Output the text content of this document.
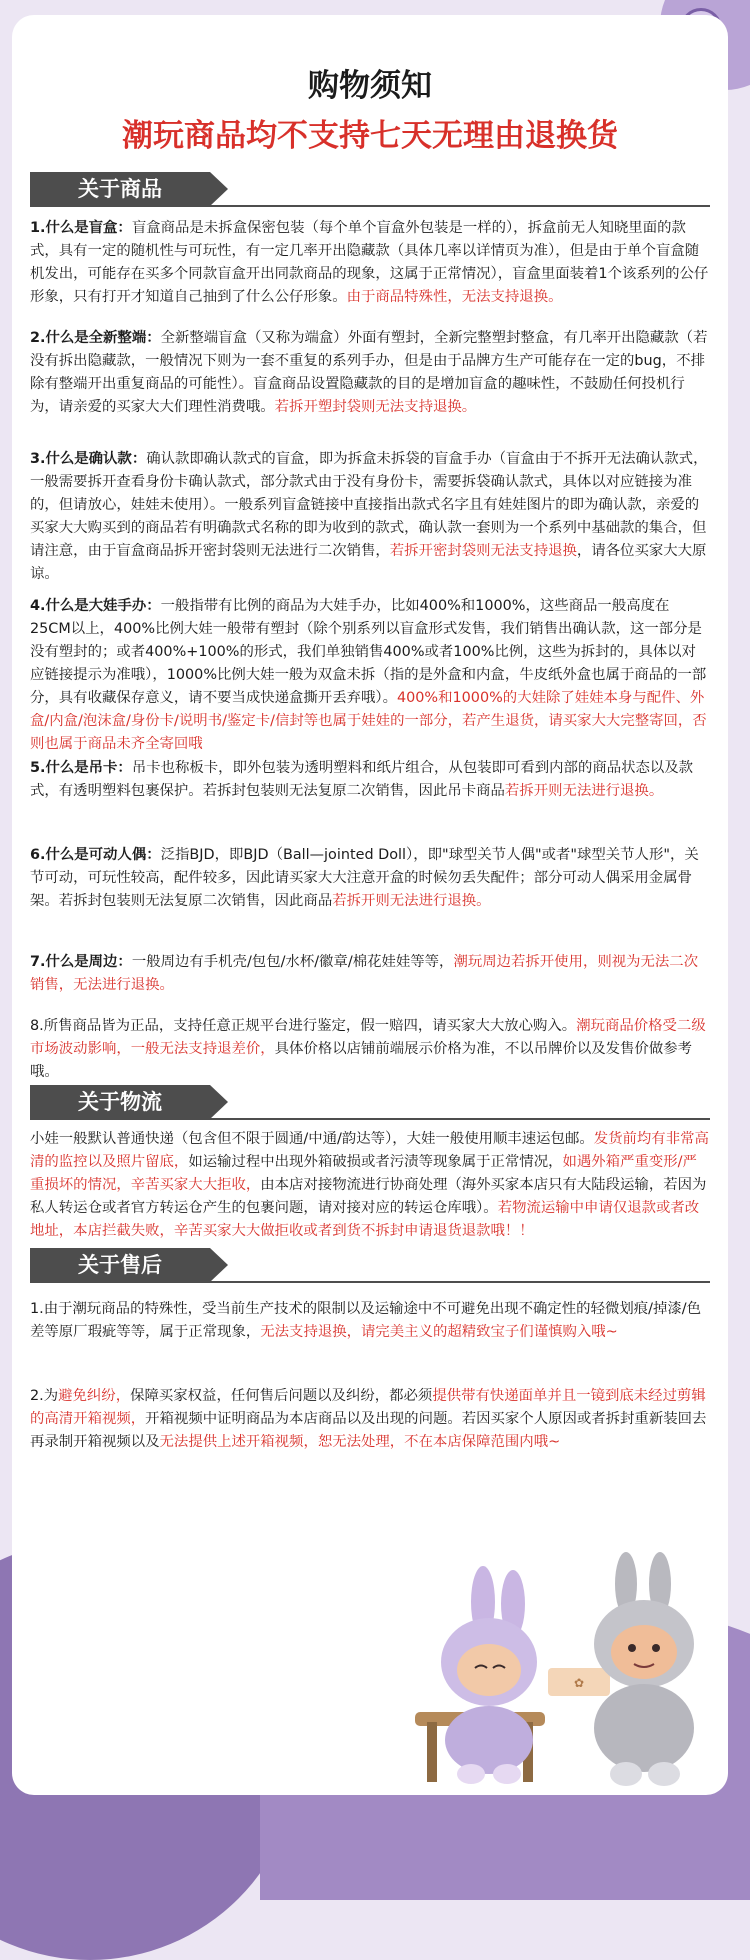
购物须知
潮玩商品均不支持七天无理由退换货
关于商品
1.什么是盲盒：盲盒商品是未拆盒保密包装（每个单个盲盒外包装是一样的），拆盒前无人知晓里面的款式，具有一定的随机性与可玩性，有一定几率开出隐藏款（具体几率以详情页为准），但是由于单个盲盒随机发出，可能存在买多个同款盲盒开出同款商品的现象，这属于正常情况），盲盒里面装着1个该系列的公仔形象，只有打开才知道自己抽到了什么公仔形象。由于商品特殊性，无法支持退换。
2.什么是全新整端：全新整端盲盒（又称为端盒）外面有塑封，全新完整塑封整盒，有几率开出隐藏款（若没有拆出隐藏款，一般情况下则为一套不重复的系列手办，但是由于品牌方生产可能存在一定的bug，不排除有整端开出重复商品的可能性）。盲盒商品设置隐藏款的目的是增加盲盒的趣味性，不鼓励任何投机行为，请亲爱的买家大大们理性消费哦。若拆开塑封袋则无法支持退换。
3.什么是确认款：确认款即确认款式的盲盒，即为拆盒未拆袋的盲盒手办（盲盒由于不拆开无法确认款式，一般需要拆开查看身份卡确认款式，部分款式由于没有身份卡，需要拆袋确认款式，具体以对应链接为准的，但请放心，娃娃未使用）。一般系列盲盒链接中直接指出款式名字且有娃娃图片的即为确认款，亲爱的买家大大购买到的商品若有明确款式名称的即为收到的款式，确认款一套则为一个系列中基础款的集合，但请注意，由于盲盒商品拆开密封袋则无法进行二次销售，若拆开密封袋则无法支持退换，请各位买家大大原谅。
4.什么是大娃手办：一般指带有比例的商品为大娃手办，比如400%和1000%，这些商品一般高度在25CM以上，400%比例大娃一般带有塑封（除个别系列以盲盒形式发售，我们销售出确认款，这一部分是没有塑封的；或者400%+100%的形式，我们单独销售400%或者100%比例，这些为拆封的，具体以对应链接提示为准哦），1000%比例大娃一般为双盒未拆（指的是外盒和内盒，牛皮纸外盒也属于商品的一部分，具有收藏保存意义，请不要当成快递盒撕开丢弃哦）。400%和1000%的大娃除了娃娃本身与配件、外盒/内盒/泡沫盒/身份卡/说明书/鉴定卡/信封等也属于娃娃的一部分，若产生退货，请买家大大完整寄回，否则也属于商品未齐全寄回哦
5.什么是吊卡：吊卡也称板卡，即外包装为透明塑料和纸片组合，从包装即可看到内部的商品状态以及款式，有透明塑料包裹保护。若拆封包装则无法复原二次销售，因此吊卡商品若拆开则无法进行退换。
6.什么是可动人偶：泛指BJD，即BJD（Ball—jointed Doll），即"球型关节人偶"或者"球型关节人形"，关节可动，可玩性较高，配件较多，因此请买家大大注意开盒的时候勿丢失配件；部分可动人偶采用金属骨架。若拆封包装则无法复原二次销售，因此商品若拆开则无法进行退换。
7.什么是周边：一般周边有手机壳/包包/水杯/徽章/棉花娃娃等等，潮玩周边若拆开使用，则视为无法二次销售，无法进行退换。
8.所售商品皆为正品，支持任意正规平台进行鉴定，假一赔四，请买家大大放心购入。潮玩商品价格受二级市场波动影响，一般无法支持退差价，具体价格以店铺前端展示价格为准，不以吊牌价以及发售价做参考哦。
关于物流
小娃一般默认普通快递（包含但不限于圆通/中通/韵达等），大娃一般使用顺丰速运包邮。发货前均有非常高清的监控以及照片留底，如运输过程中出现外箱破损或者污渍等现象属于正常情况，如遇外箱严重变形/严重损坏的情况，辛苦买家大大拒收，由本店对接物流进行协商处理（海外买家本店只有大陆段运输，若因为私人转运仓或者官方转运仓产生的包裹问题，请对接对应的转运仓库哦）。若物流运输中申请仅退款或者改地址，本店拦截失败，辛苦买家大大做拒收或者到货不拆封申请退货退款哦！！
关于售后
1.由于潮玩商品的特殊性，受当前生产技术的限制以及运输途中不可避免出现不确定性的轻微划痕/掉漆/色差等原厂瑕疵等等，属于正常现象，无法支持退换，请完美主义的超精致宝子们谨慎购入哦~
2.为避免纠纷，保障买家权益，任何售后问题以及纠纷，都必须提供带有快递面单并且一镜到底未经过剪辑的高清开箱视频，开箱视频中证明商品为本店商品以及出现的问题。若因买家个人原因或者拆封重新装回去再录制开箱视频以及无法提供上述开箱视频，恕无法处理，不在本店保障范围内哦~
✿
